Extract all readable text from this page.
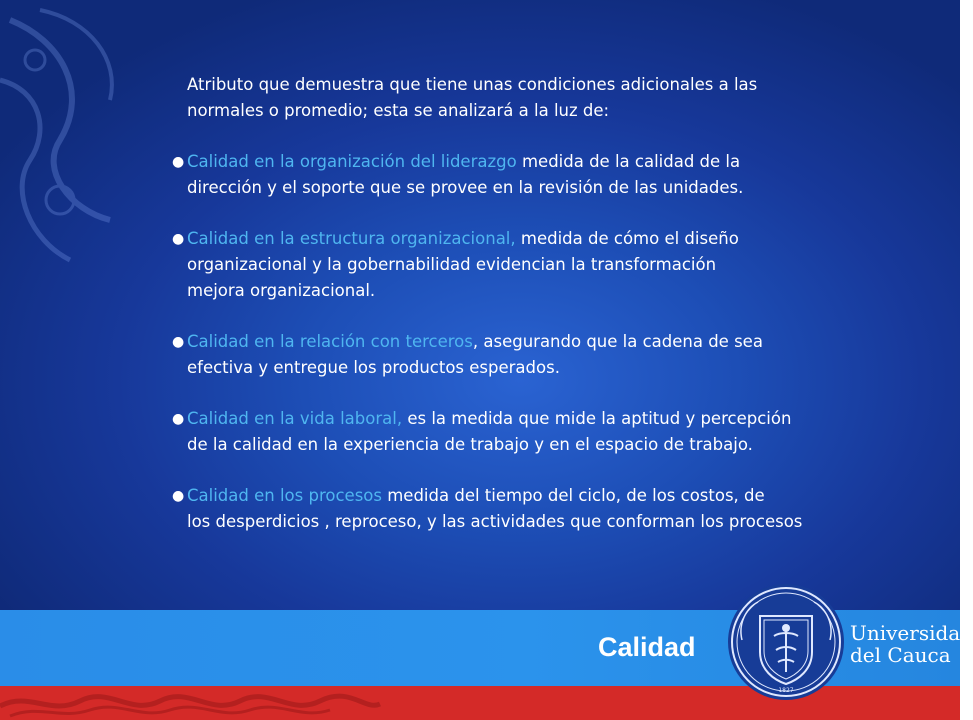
Atributo que demuestra que tiene unas condiciones adicionales a las
normales o promedio; esta se analizará a la luz de:

● Calidad en la organización del liderazgo medida de la calidad de la
dirección y el soporte que se provee en la revisión de las unidades.
● Calidad en la estructura organizacional, medida de cómo el diseño
organizacional y la gobernabilidad evidencian la transformación
mejora organizacional.
● Calidad en la relación con terceros, asegurando que la cadena de sea
efectiva y entregue los productos esperados.
● Calidad en la vida laboral, es la medida que mide la aptitud y percepción
de la calidad en la experiencia de trabajo y en el espacio de trabajo.
● Calidad en los procesos medida del tiempo del ciclo, de los costos, de
los desperdicios , reproceso, y las actividades que conforman los procesos
Calidad
1827
Universidad
del Cauca
